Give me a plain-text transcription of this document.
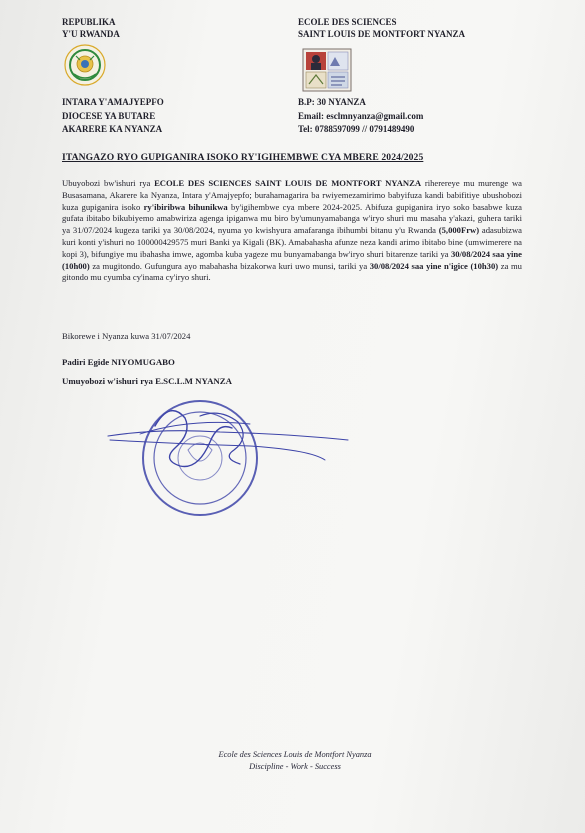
REPUBLIKA
Y'U RWANDA
ECOLE DES SCIENCES
SAINT LOUIS DE MONTFORT NYANZA
INTARA Y'AMAJYEPFO
DIOCESE YA BUTARE
AKARERE KA NYANZA
B.P: 30 NYANZA
Email: esclmnyanza@gmail.com
Tel: 0788597099 // 0791489490
ITANGAZO RYO GUPIGANIRA ISOKO RY'IGIHEMBWE CYA MBERE 2024/2025
Ubuyobozi bw'ishuri rya ECOLE DES SCIENCES SAINT LOUIS DE MONTFORT NYANZA riherereye mu murenge wa Busasamana, Akarere ka Nyanza, Intara y'Amajyepfo; burahamagarira ba rwiyemezamirimo babyifuza kandi babifitiye ubushobozi kuza gupiganira isoko ry'ibiribwa bihunikwa by'igihembwe cya mbere 2024-2025. Abifuza gupiganira iryo soko basabwe kuza gufata ibitabo bikubiyemo amabwiriza agenga ipiganwa mu biro by'umunyamabanga w'iryo shuri mu masaha y'akazi, guhera tariki ya 31/07/2024 kugeza tariki ya 30/08/2024, nyuma yo kwishyura amafaranga ibihumbi bitanu y'u Rwanda (5,000Frw) adasubizwa kuri konti y'ishuri no 100000429575 muri Banki ya Kigali (BK). Amabahasha afunze neza kandi arimo ibitabo bine (umwimerere na kopi 3), bifungiye mu ibahasha imwe, agomba kuba yageze mu bunyamabanga bw'iryo shuri bitarenze tariki ya 30/08/2024 saa yine (10h00) za mugitondo. Gufungura ayo mabahasha bizakorwa kuri uwo munsi, tariki ya 30/08/2024 saa yine n'igice (10h30) za mu gitondo mu cyumba cy'inama cy'iryo shuri.
Bikorewe i Nyanza kuwa 31/07/2024
Padiri Egide NIYOMUGABO
Umuyobozi w'ishuri rya E.SC.L.M NYANZA
Ecole des Sciences Louis de Montfort Nyanza
Discipline - Work - Success
